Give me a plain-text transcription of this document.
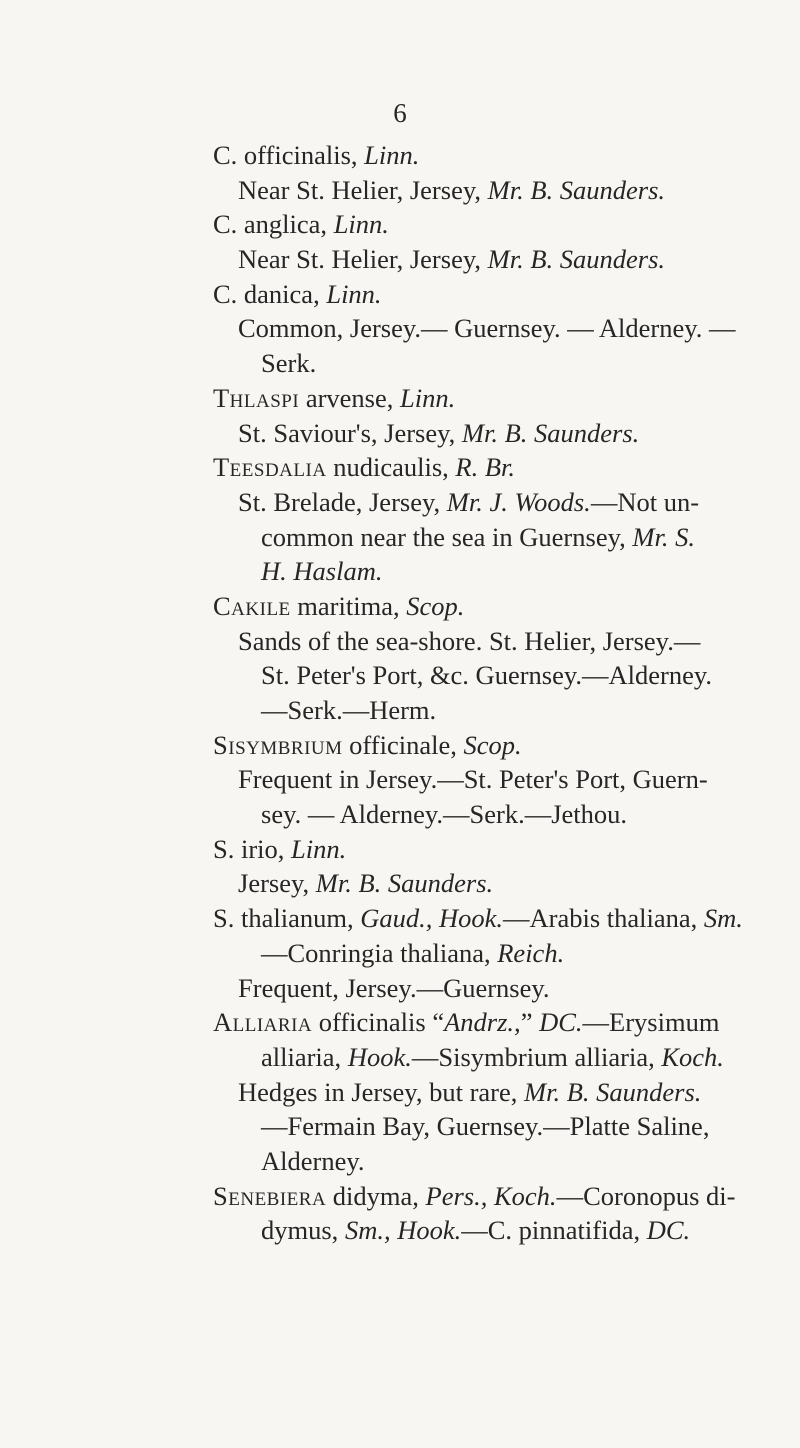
6
C. officinalis, Linn.
Near St. Helier, Jersey, Mr. B. Saunders.
C. anglica, Linn.
Near St. Helier, Jersey, Mr. B. Saunders.
C. danica, Linn.
Common, Jersey.— Guernsey. — Alderney. —
Serk.
Thlaspi arvense, Linn.
St. Saviour's, Jersey, Mr. B. Saunders.
Teesdalia nudicaulis, R. Br.
St. Brelade, Jersey, Mr. J. Woods.—Not un-
common near the sea in Guernsey, Mr. S.
H. Haslam.
Cakile maritima, Scop.
Sands of the sea-shore. St. Helier, Jersey.—
St. Peter's Port, &c. Guernsey.—Alderney.
—Serk.—Herm.
Sisymbrium officinale, Scop.
Frequent in Jersey.—St. Peter's Port, Guern-
sey. — Alderney.—Serk.—Jethou.
S. irio, Linn.
Jersey, Mr. B. Saunders.
S. thalianum, Gaud., Hook.—Arabis thaliana, Sm.
—Conringia thaliana, Reich.
Frequent, Jersey.—Guernsey.
Alliaria officinalis “Andrz.,” DC.—Erysimum
alliaria, Hook.—Sisymbrium alliaria, Koch.
Hedges in Jersey, but rare, Mr. B. Saunders.
—Fermain Bay, Guernsey.—Platte Saline,
Alderney.
Senebiera didyma, Pers., Koch.—Coronopus di-
dymus, Sm., Hook.—C. pinnatifida, DC.
